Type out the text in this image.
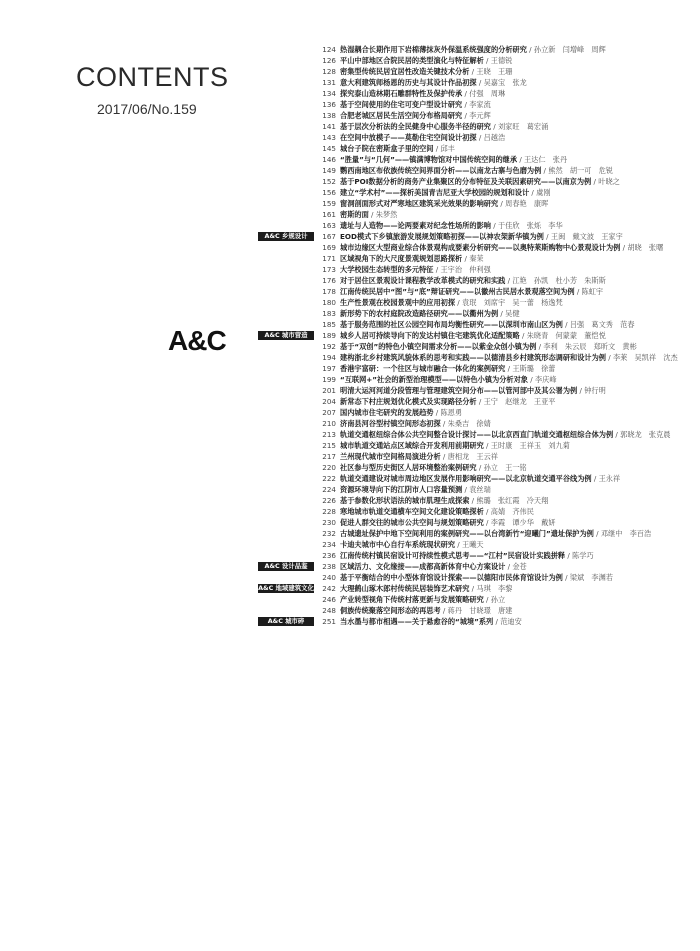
CONTENTS
2017/06/No.159
A&C
124 热湿耦合长期作用下岩棉薄抹灰外保温系统强度的分析研究 / 孙立新　闫增峰　周辉
126 平山中部地区合院民居的类型演化与特征解析 / 王德锐
128 密集型传统民居宜居性改造关键技术分析 / 王晓　王珊
131 意大利建筑师杨恩的历史与其设计作品初探 / 吴嘉宝　张龙
134 探究泰山造林期石雕群特性及保护传承 / 付强　周琳
136 基于空间使用的住宅可变户型设计研究 / 李家流
138 合肥老城区居民生活空间分布格局研究 / 李元辉
141 基于层次分析法的全民健身中心服务半径的研究 / 刘家旺　葛宏涌
143 在空间中放模子——莫勒住宅空间设计初探 / 吕越浩
145 城台子院在密斯盒子里的空间 / 邱丰
146 “胜量”与“几何”——镇满博物馆对中国传统空间的继承 / 王达仁　张丹
149 鹦西南地区布依族传统空间界面分析——以南龙古寨与色磨为例 / 熊然　胡一可　危锐
152 基于POI数据分析的商务产业集聚区的分布特征及关联因素研究——以南京为例 / 叶晓之
156 建立“学术村”——探析美国青吉尼亚大学校园的规划和设计 / 虞刚
159 窗洞剖面形式对严寒地区建筑采光效果的影响研究 / 周春艳　康晖
161 密斯的面 / 朱梦然
163 遗址与人造物——论两要素对纪念性场所的影响 / 于佳欣　张烁　李华
A&C 乡规设计	167 EOD模式下乡镇旅游发展规划策略初探——以神农架新华镇为例 / 王闽　戴文波　王家宇
169 城市边缘区大型商业综合体景观构成要素分析研究——以奥特莱斯购物中心景观设计为例 / 胡晓　张曙
171 区域视角下的大尺度景观规划思路探析 / 秦茉
173 大学校园生态转型的多元特征 / 王宇治　仲利强
176 对于居住区景观设计课程教学改革模式的研究和实践 / 江艳　孙凯　杜小芳　朱斯斯
178 江南传统民居中“图”与“底”辩证研究——以徽州古民居水景观落空间为例 / 陈虹宇
180 生产性景观在校园景观中的应用初探 / 袁珉　刘席宇　吴一蕾　杨逸梵
183 新形势下的农村庭院改造路径研究——以衢州为例 / 吴健
185 基于服务范围的社区公园空间布局均衡性研究——以深圳市南山区为例 / 吕强　葛文秀　范春
A&C 城市营造	189 城乡人居可持续导向下的发达村镇住宅建筑优化适配策略 / 朱晓青　何蒙蒙　董恺悦
192 基于“双创”的特色小镇空间需求分析——以紫金众创小镇为例 / 李利　朱云辰　郑昕文　黄彬
194 建构浙北乡村建筑风貌体系的思考和实践——以德清县乡村建筑形态调研和设计为例 / 李莱　吴凯祥　沈杰
197 香港宇富研：一个往区与城市融合一体化的案例研究 / 王斯璐　徐蕾
199 “互联网+”社会的新型治理模型——以特色小镇为分析对象 / 李庆峰
201 明清大运河河道分段管理与管理建筑空间分布——以管河部中及其公署为例 / 钟行明
204 新常态下村庄规划优化模式及实现路径分析 / 王宁　赵继龙　王亚平
207 国内城市住宅研究的发展趋势 / 陈恩勇
210 济南县河谷型村镇空间形态初探 / 朱桑吉　徐婧
213 轨道交通枢纽综合体公共空间整合设计探讨——以北京西直门轨道交通枢纽综合体为例 / 郭晓龙　张克晨
215 城市轨道交通站点区域综合开发利用前期研究 / 王时康　王祥玉　刘九菊
217 兰州现代城市空间格局演进分析 / 唐相龙　王云祥
220 社区参与型历史街区人居环境整治案例研究 / 孙立　王一铭
222 轨道交通建设对城市周边地区发展作用影响研究——以北京轨道交通平谷线为例 / 王永祥
224 资源环境导向下的江阴市人口容量预测 / 袁丝瑞
226 基于参数化形状语法的城市肌理生成探索 / 熊璐　张红霞　冷天翔
228 寒地城市轨道交通横车空间文化建设策略探析 / 高婧　齐伟民
230 促进人群交往的城市公共空间与规划策略研究 / 李霞　谭少华　戴妍
232 古城遗址保护中地下空间利用的案例研究——以台湾新竹“迎曦门”遗址保护为例 / 邓继中　李百浩
234 卡迪夫城市中心自行车系统现状研究 / 王曦天
236 江南传统村镇民宿设计可持续性模式思考——“江村”民宿设计实践拼释 / 陈学巧
A&C 设计品鉴	238 区域活力、文化缘接——成都高新体育中心方案设计 / 金苍
240 基于平衡结合的中小型体育馆设计探索——以德阳市民体育馆设计为例 / 梁斌　李渊若
A&C 地域建筑文化	242 大理鹤山琢木郎村传统民居装饰艺术研究 / 马琪　李黎
246 产业转型视角下传统村落更新与发展策略研究 / 孙立
248 侗族传统聚落空间形态的再思考 / 蒋丹　甘晓璟　唐建
A&C 城市碎	251 当水墨与都市相遇——关于悬愈谷的“城境”系列 / 范迪安
